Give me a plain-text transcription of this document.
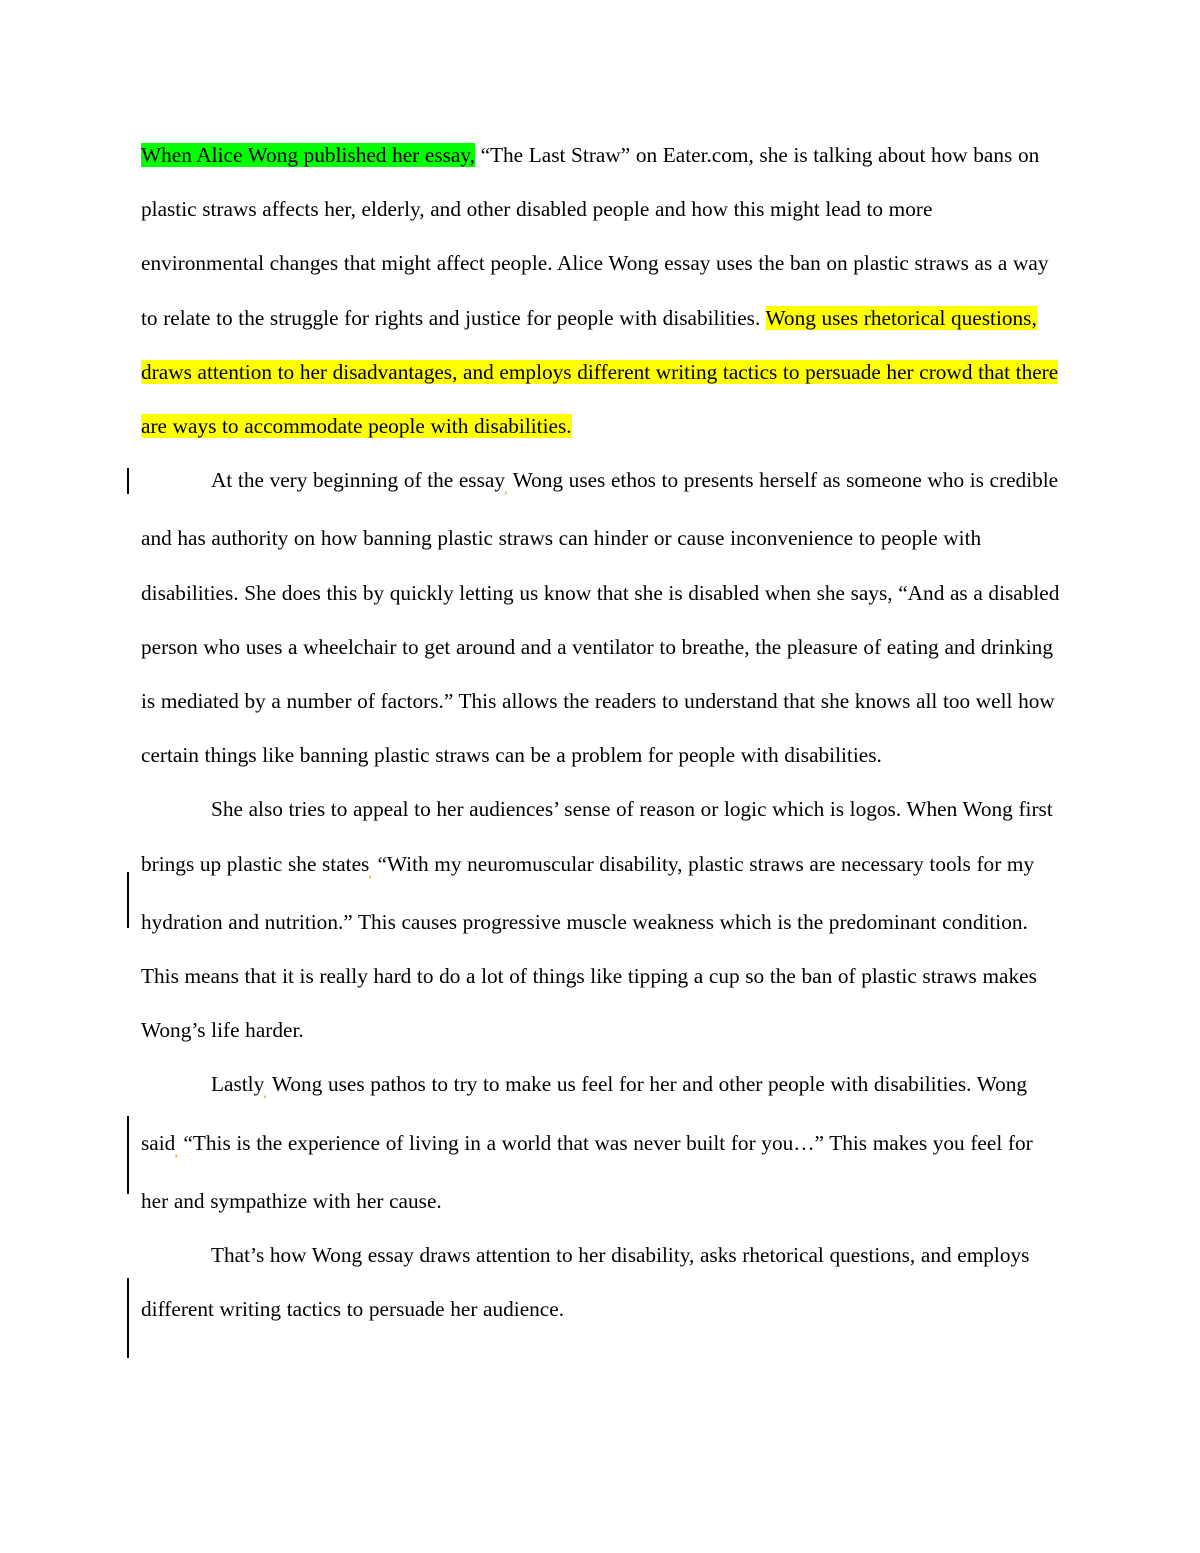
When Alice Wong published her essay, “The Last Straw” on Eater.com, she is talking about how bans on plastic straws affects her, elderly, and other disabled people and how this might lead to more environmental changes that might affect people. Alice Wong essay uses the ban on plastic straws as a way to relate to the struggle for rights and justice for people with disabilities. Wong uses rhetorical questions, draws attention to her disadvantages, and employs different writing tactics to persuade her crowd that there are ways to accommodate people with disabilities.

At the very beginning of the essay$_,$ Wong uses ethos to presents herself as someone who is credible and has authority on how banning plastic straws can hinder or cause inconvenience to people with disabilities. She does this by quickly letting us know that she is disabled when she says, “And as a disabled person who uses a wheelchair to get around and a ventilator to breathe, the pleasure of eating and drinking is mediated by a number of factors.” This allows the readers to understand that she knows all too well how certain things like banning plastic straws can be a problem for people with disabilities.

She also tries to appeal to her audiences’ sense of reason or logic which is logos. When Wong first brings up plastic she states$_,$ “With my neuromuscular disability, plastic straws are necessary tools for my hydration and nutrition.” This causes progressive muscle weakness which is the predominant condition. This means that it is really hard to do a lot of things like tipping a cup so the ban of plastic straws makes Wong’s life harder.

Lastly$_,$ Wong uses pathos to try to make us feel for her and other people with disabilities. Wong said$_,$ “This is the experience of living in a world that was never built for you…” This makes you feel for her and sympathize with her cause.

That’s how Wong essay draws attention to her disability, asks rhetorical questions, and employs different writing tactics to persuade her audience.
